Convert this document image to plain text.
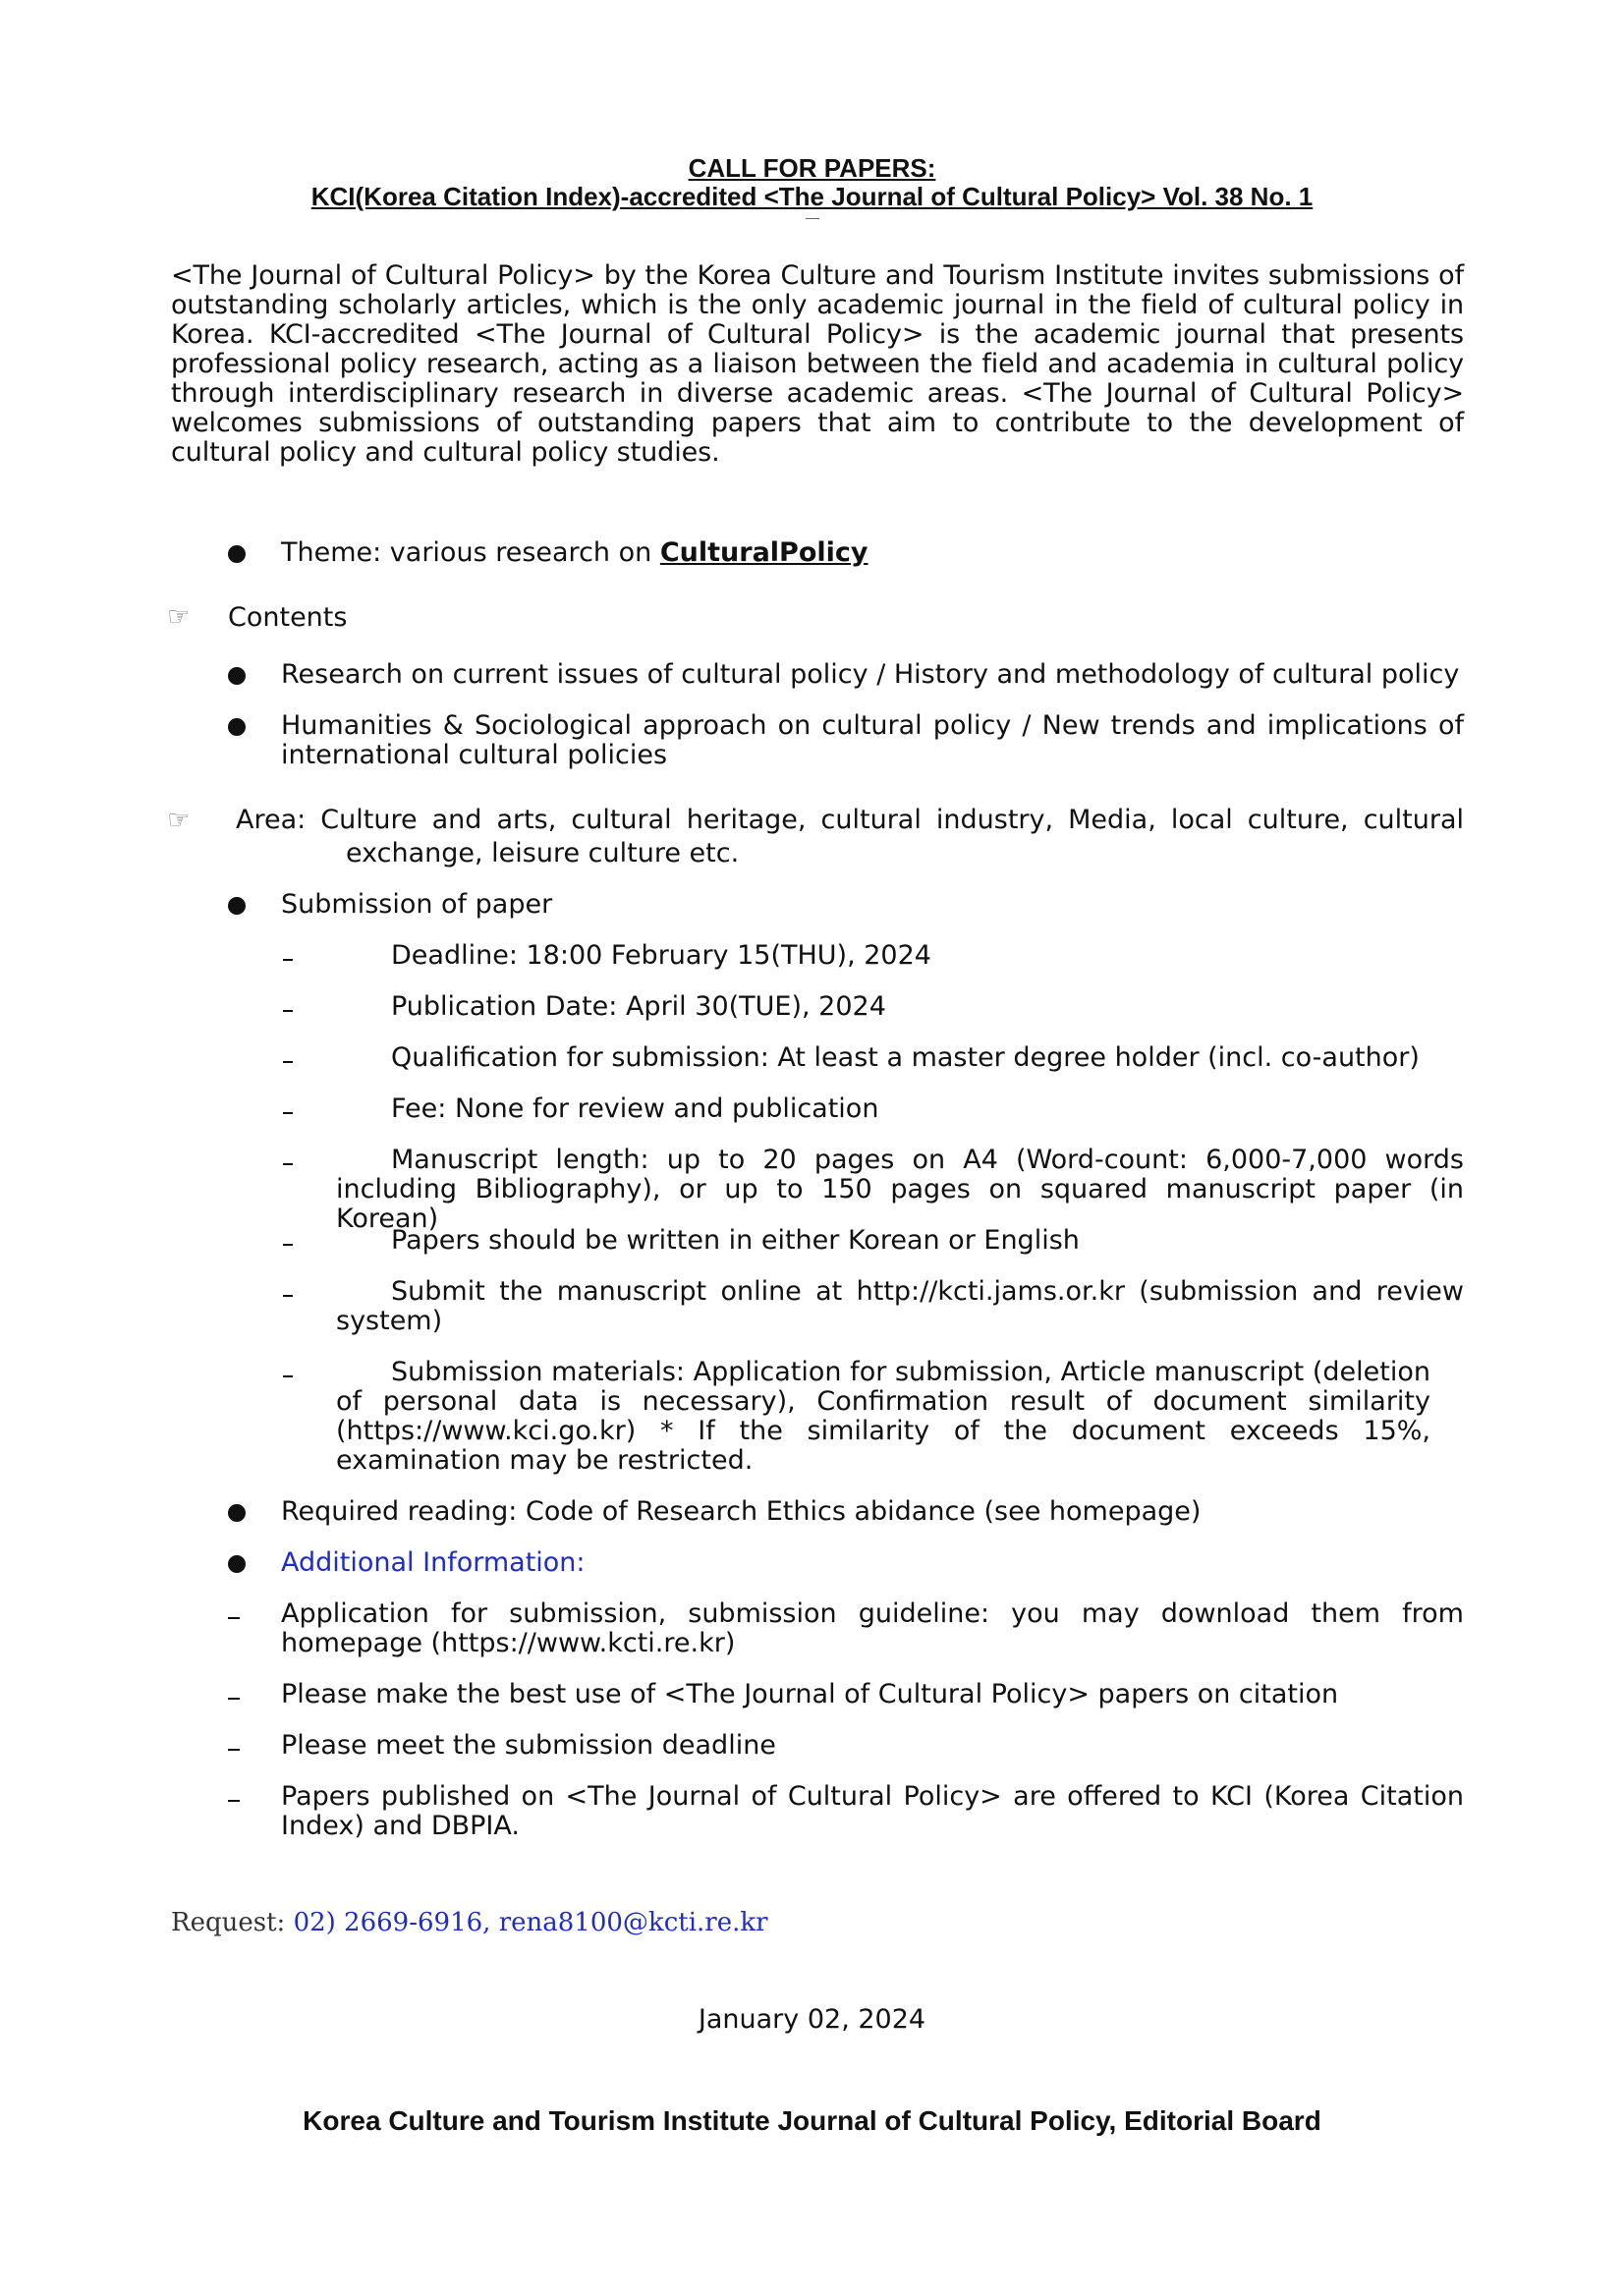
CALL FOR PAPERS:
KCI(Korea Citation Index)-accredited <The Journal of Cultural Policy> Vol. 38 No. 1
<The Journal of Cultural Policy> by the Korea Culture and Tourism Institute invites submissions of outstanding scholarly articles, which is the only academic journal in the field of cultural policy in Korea. KCI-accredited <The Journal of Cultural Policy> is the academic journal that presents professional policy research, acting as a liaison between the field and academia in cultural policy through interdisciplinary research in diverse academic areas. <The Journal of Cultural Policy> welcomes submissions of outstanding papers that aim to contribute to the development of cultural policy and cultural policy studies.
Theme: various research on CulturalPolicy
☞ Contents
Research on current issues of cultural policy / History and methodology of cultural policy
Humanities & Sociological approach on cultural policy / New trends and implications of international cultural policies
☞ Area: Culture and arts, cultural heritage, cultural industry, Media, local culture, cultural
exchange, leisure culture etc.
Submission of paper
Deadline: 18:00 February 15(THU), 2024
Publication Date: April 30(TUE), 2024
Qualification for submission: At least a master degree holder (incl. co-author)
Fee: None for review and publication
Manuscript length: up to 20 pages on A4 (Word-count: 6,000-7,000 words including Bibliography), or up to 150 pages on squared manuscript paper (in Korean)
Papers should be written in either Korean or English
Submit the manuscript online at http://kcti.jams.or.kr (submission and review system)
Submission materials: Application for submission, Article manuscript (deletion of personal data is necessary), Confirmation result of document similarity (https://www.kci.go.kr) * If the similarity of the document exceeds 15%, examination may be restricted.
Required reading: Code of Research Ethics abidance (see homepage)
Additional Information:
Application for submission, submission guideline: you may download them from homepage (https://www.kcti.re.kr)
Please make the best use of <The Journal of Cultural Policy> papers on citation
Please meet the submission deadline
Papers published on <The Journal of Cultural Policy> are offered to KCI (Korea Citation Index) and DBPIA.
Request: 02) 2669-6916, rena8100@kcti.re.kr
January 02, 2024
Korea Culture and Tourism Institute Journal of Cultural Policy, Editorial Board
